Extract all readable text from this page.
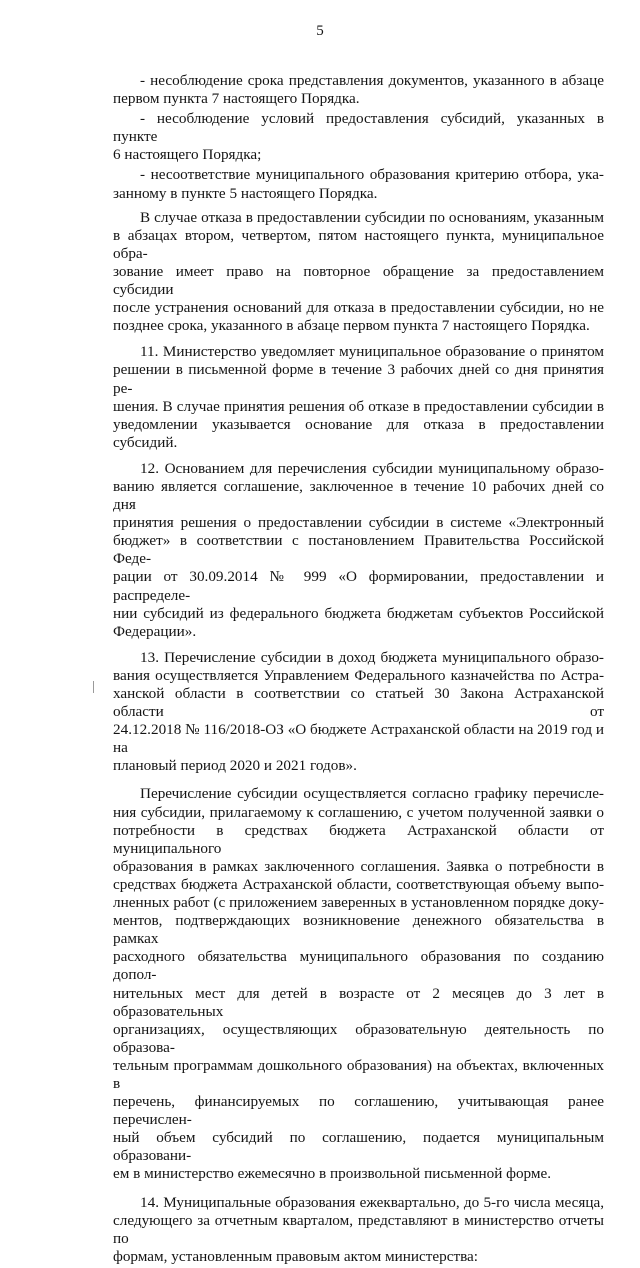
5
- несоблюдение срока представления документов, указанного в абзаце
первом пункта 7 настоящего Порядка.
- несоблюдение условий предоставления субсидий, указанных в пункте
6 настоящего Порядка;
- несоответствие муниципального образования критерию отбора, ука-
занному в пункте 5 настоящего Порядка.
В случае отказа в предоставлении субсидии по основаниям, указанным
в абзацах втором, четвертом, пятом настоящего пункта, муниципальное обра-
зование имеет право на повторное обращение за предоставлением субсидии
после устранения оснований для отказа в предоставлении субсидии, но не
позднее срока, указанного в абзаце первом пункта 7 настоящего Порядка.
11. Министерство уведомляет муниципальное образование о принятом
решении в письменной форме в течение 3 рабочих дней со дня принятия ре-
шения. В случае принятия решения об отказе в предоставлении субсидии в
уведомлении указывается основание для отказа в предоставлении субсидий.
12. Основанием для перечисления субсидии муниципальному образо-
ванию является соглашение, заключенное в течение 10 рабочих дней со дня
принятия решения о предоставлении субсидии в системе «Электронный
бюджет» в соответствии с постановлением Правительства Российской Феде-
рации от 30.09.2014 № 999 «О формировании, предоставлении и распределе-
нии субсидий из федерального бюджета бюджетам субъектов Российской
Федерации».
13. Перечисление субсидии в доход бюджета муниципального образо-
вания осуществляется Управлением Федерального казначейства по Астра-
ханской области в соответствии со статьей 30 Закона Астраханской области от
24.12.2018 № 116/2018-ОЗ «О бюджете Астраханской области на 2019 год и на
плановый период 2020 и 2021 годов».
Перечисление субсидии осуществляется согласно графику перечисле-
ния субсидии, прилагаемому к соглашению, с учетом полученной заявки о
потребности в средствах бюджета Астраханской области от муниципального
образования в рамках заключенного соглашения. Заявка о потребности в
средствах бюджета Астраханской области, соответствующая объему выпо-
лненных работ (с приложением заверенных в установленном порядке доку-
ментов, подтверждающих возникновение денежного обязательства в рамках
расходного обязательства муниципального образования по созданию допол-
нительных мест для детей в возрасте от 2 месяцев до 3 лет в образовательных
организациях, осуществляющих образовательную деятельность по образова-
тельным программам дошкольного образования) на объектах, включенных в
перечень, финансируемых по соглашению, учитывающая ранее перечислен-
ный объем субсидий по соглашению, подается муниципальным образовани-
ем в министерство ежемесячно в произвольной письменной форме.
14. Муниципальные образования ежеквартально, до 5-го числа месяца,
следующего за отчетным кварталом, представляют в министерство отчеты по
формам, установленным правовым актом министерства:
